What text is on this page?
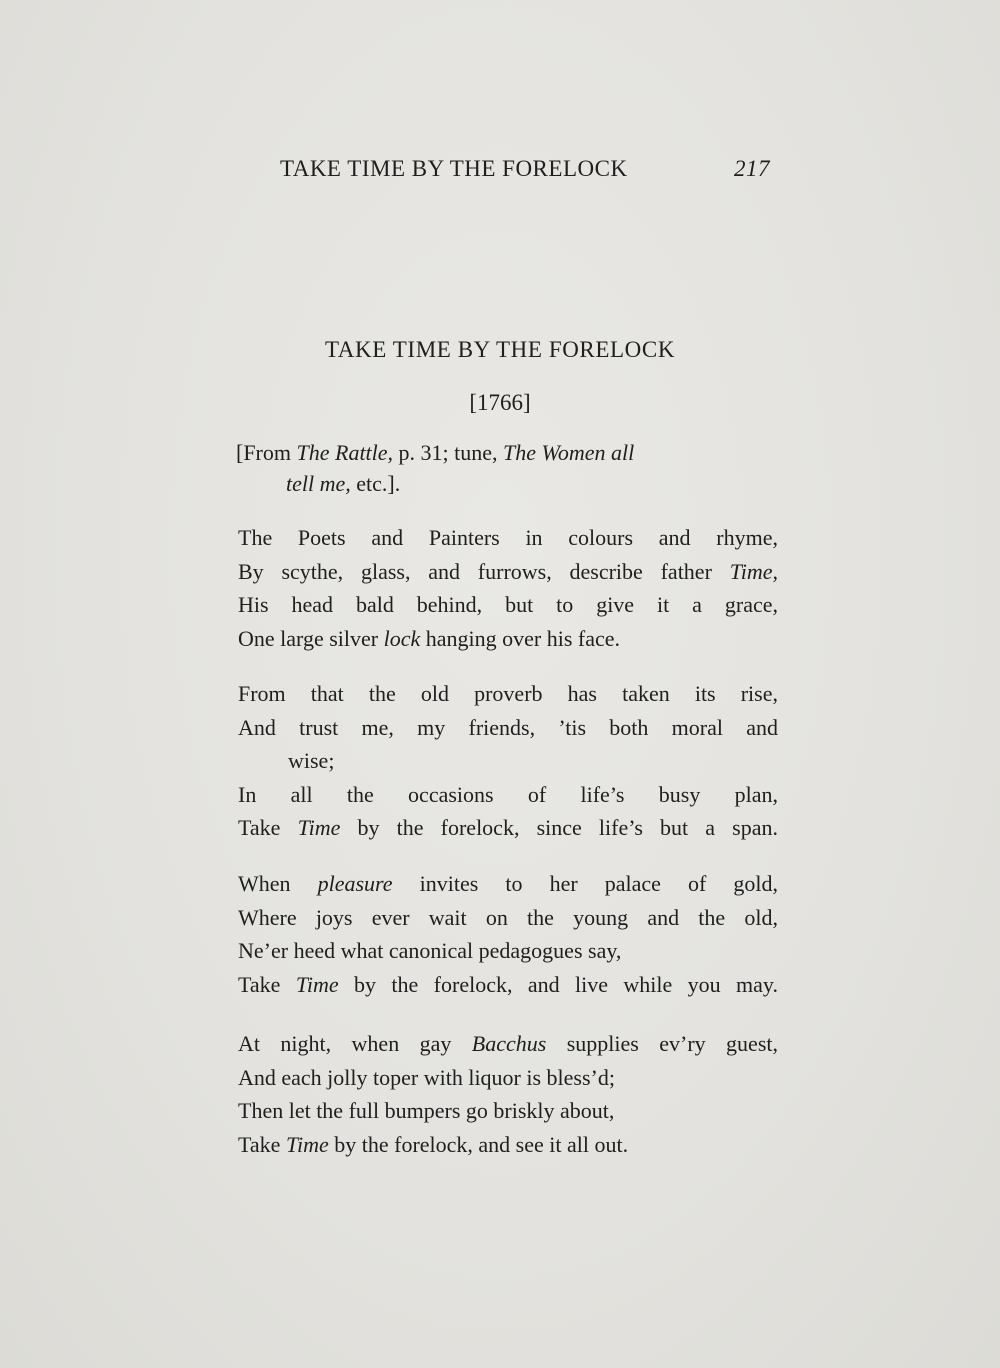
TAKE TIME BY THE FORELOCK	217
TAKE TIME BY THE FORELOCK
[1766]
[From The Rattle, p. 31; tune, The Women all
tell me, etc.].
The Poets and Painters in colours and rhyme,
By scythe, glass, and furrows, describe father Time,
His head bald behind, but to give it a grace,
One large silver lock hanging over his face.
From that the old proverb has taken its rise,
And trust me, my friends, ’tis both moral and
wise;
In all the occasions of life’s busy plan,
Take Time by the forelock, since life’s but a span.
When pleasure invites to her palace of gold,
Where joys ever wait on the young and the old,
Ne’er heed what canonical pedagogues say,
Take Time by the forelock, and live while you may.
At night, when gay Bacchus supplies ev’ry guest,
And each jolly toper with liquor is bless’d;
Then let the full bumpers go briskly about,
Take Time by the forelock, and see it all out.
